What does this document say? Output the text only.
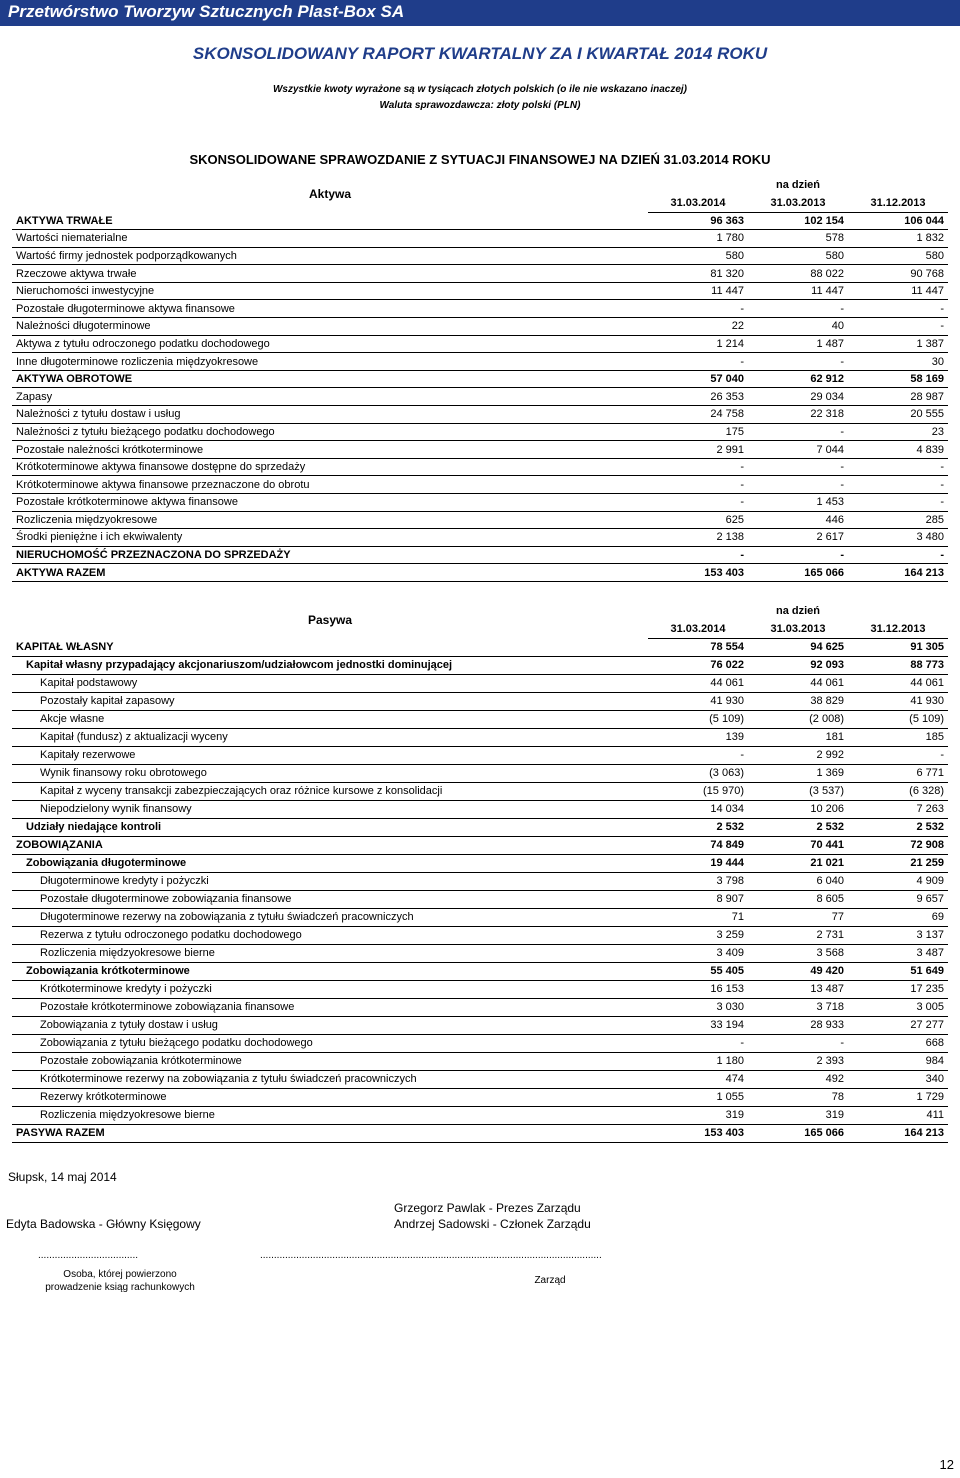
Przetwórstwo Tworzyw Sztucznych Plast-Box SA
SKONSOLIDOWANY RAPORT KWARTALNY ZA I KWARTAŁ 2014 ROKU
Wszystkie kwoty wyrażone są w tysiącach złotych polskich (o ile nie wskazano inaczej)
Waluta sprawozdawcza: złoty polski (PLN)
SKONSOLIDOWANE SPRAWOZDANIE Z SYTUACJI FINANSOWEJ NA DZIEŃ 31.03.2014 ROKU
Aktywa	na dzień		
	31.03.2014	31.03.2013	31.12.2013
AKTYWA TRWAŁE	96 363	102 154	106 044
Wartości niematerialne	1 780	578	1 832
Wartość firmy jednostek podporządkowanych	580	580	580
Rzeczowe aktywa trwałe	81 320	88 022	90 768
Nieruchomości inwestycyjne	11 447	11 447	11 447
Pozostałe długoterminowe aktywa finansowe	-	-	-
Należności długoterminowe	22	40	-
Aktywa z tytułu odroczonego podatku dochodowego	1 214	1 487	1 387
Inne długoterminowe rozliczenia międzyokresowe	-	-	30
AKTYWA OBROTOWE	57 040	62 912	58 169
Zapasy	26 353	29 034	28 987
Należności z tytułu dostaw i usług	24 758	22 318	20 555
Należności z tytułu bieżącego podatku dochodowego	175	-	23
Pozostałe należności krótkoterminowe	2 991	7 044	4 839
Krótkoterminowe aktywa finansowe dostępne do sprzedaży	-	-	-
Krótkoterminowe aktywa finansowe przeznaczone do obrotu	-	-	-
Pozostałe krótkoterminowe aktywa finansowe	-	1 453	-
Rozliczenia międzyokresowe	625	446	285
Środki pieniężne i ich ekwiwalenty	2 138	2 617	3 480
NIERUCHOMOŚĆ PRZEZNACZONA DO SPRZEDAŻY	-	-	-
AKTYWA RAZEM	153 403	165 066	164 213
Pasywa	na dzień		
	31.03.2014	31.03.2013	31.12.2013
KAPITAŁ WŁASNY	78 554	94 625	91 305
Kapitał własny przypadający akcjonariuszom/udziałowcom jednostki dominującej	76 022	92 093	88 773
Kapitał podstawowy	44 061	44 061	44 061
Pozostały kapitał zapasowy	41 930	38 829	41 930
Akcje własne	(5 109)	(2 008)	(5 109)
Kapitał (fundusz) z aktualizacji wyceny	139	181	185
Kapitały rezerwowe	-	2 992	-
Wynik finansowy roku obrotowego	(3 063)	1 369	6 771
Kapitał z wyceny transakcji zabezpieczających oraz różnice kursowe z konsolidacji	(15 970)	(3 537)	(6 328)
Niepodzielony wynik finansowy	14 034	10 206	7 263
Udziały niedające kontroli	2 532	2 532	2 532
ZOBOWIĄZANIA	74 849	70 441	72 908
Zobowiązania długoterminowe	19 444	21 021	21 259
Długoterminowe kredyty i pożyczki	3 798	6 040	4 909
Pozostałe długoterminowe zobowiązania finansowe	8 907	8 605	9 657
Długoterminowe rezerwy na zobowiązania z tytułu świadczeń pracowniczych	71	77	69
Rezerwa z tytułu odroczonego podatku dochodowego	3 259	2 731	3 137
Rozliczenia międzyokresowe bierne	3 409	3 568	3 487
Zobowiązania krótkoterminowe	55 405	49 420	51 649
Krótkoterminowe kredyty i pożyczki	16 153	13 487	17 235
Pozostałe krótkoterminowe zobowiązania finansowe	3 030	3 718	3 005
Zobowiązania z tytuły dostaw i usług	33 194	28 933	27 277
Zobowiązania z tytułu bieżącego podatku dochodowego	-	-	668
Pozostałe zobowiązania krótkoterminowe	1 180	2 393	984
Krótkoterminowe rezerwy na zobowiązania z tytułu świadczeń pracowniczych	474	492	340
Rezerwy krótkoterminowe	1 055	78	1 729
Rozliczenia międzyokresowe bierne	319	319	411
PASYWA RAZEM	153 403	165 066	164 213
Słupsk, 14 maj 2014
Grzegorz Pawlak - Prezes Zarządu
Edyta Badowska - Główny Księgowy	Andrzej Sadowski - Członek Zarządu
....................................	...........................................................................................................................
Osoba, której powierzono
prowadzenie ksiąg rachunkowych
Zarząd
12
